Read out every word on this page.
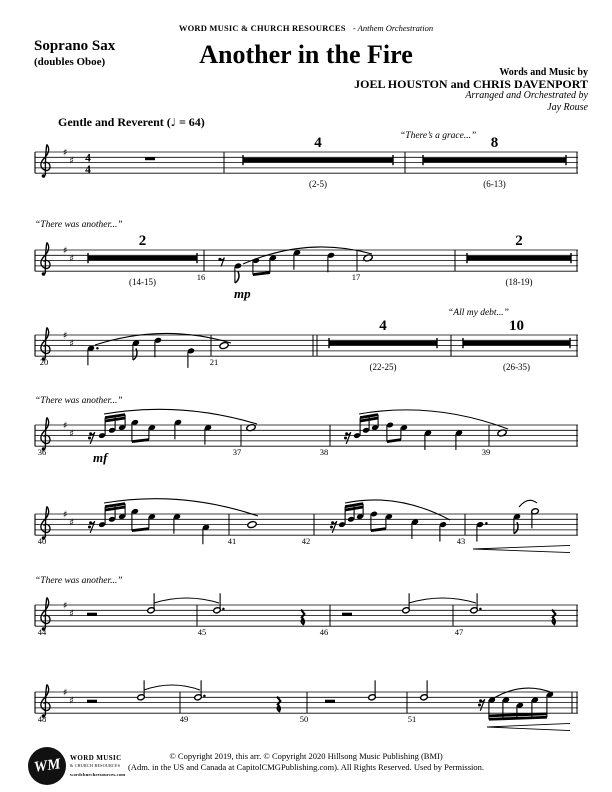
♯
♯ 4
4
4
(2-5)
8
(6-13)
“There’s a grace...”
♯
♯
2
(14-15)
2
(18-19)
16	17
“There was another...”
mp
♯
♯
4
(22-25)
10
(26-35)
20	21
“All my debt...”
♯
♯
36	37	38	39
“There was another...”
mf
♯
♯
40	41	42	43
♯
♯
44	45	46	47
“There was another...”
♯
♯
48	49	50	51
WORD MUSIC & CHURCH RESOURCES - Anthem Orchestration
Soprano Sax
(doubles Oboe)	Another in the Fire
Words and Music by
JOEL HOUSTON and CHRIS DAVENPORT
Arranged and Orchestrated by
Jay Rouse
Gentle and Reverent (♩ = 64)
WM WORD MUSIC
& CHURCH RESOURCES
wordchurchresources.com
© Copyright 2019, this arr. © Copyright 2020 Hillsong Music Publishing (BMI)
(Adm. in the US and Canada at CapitolCMGPublishing.com). All Rights Reserved. Used by Permission.
